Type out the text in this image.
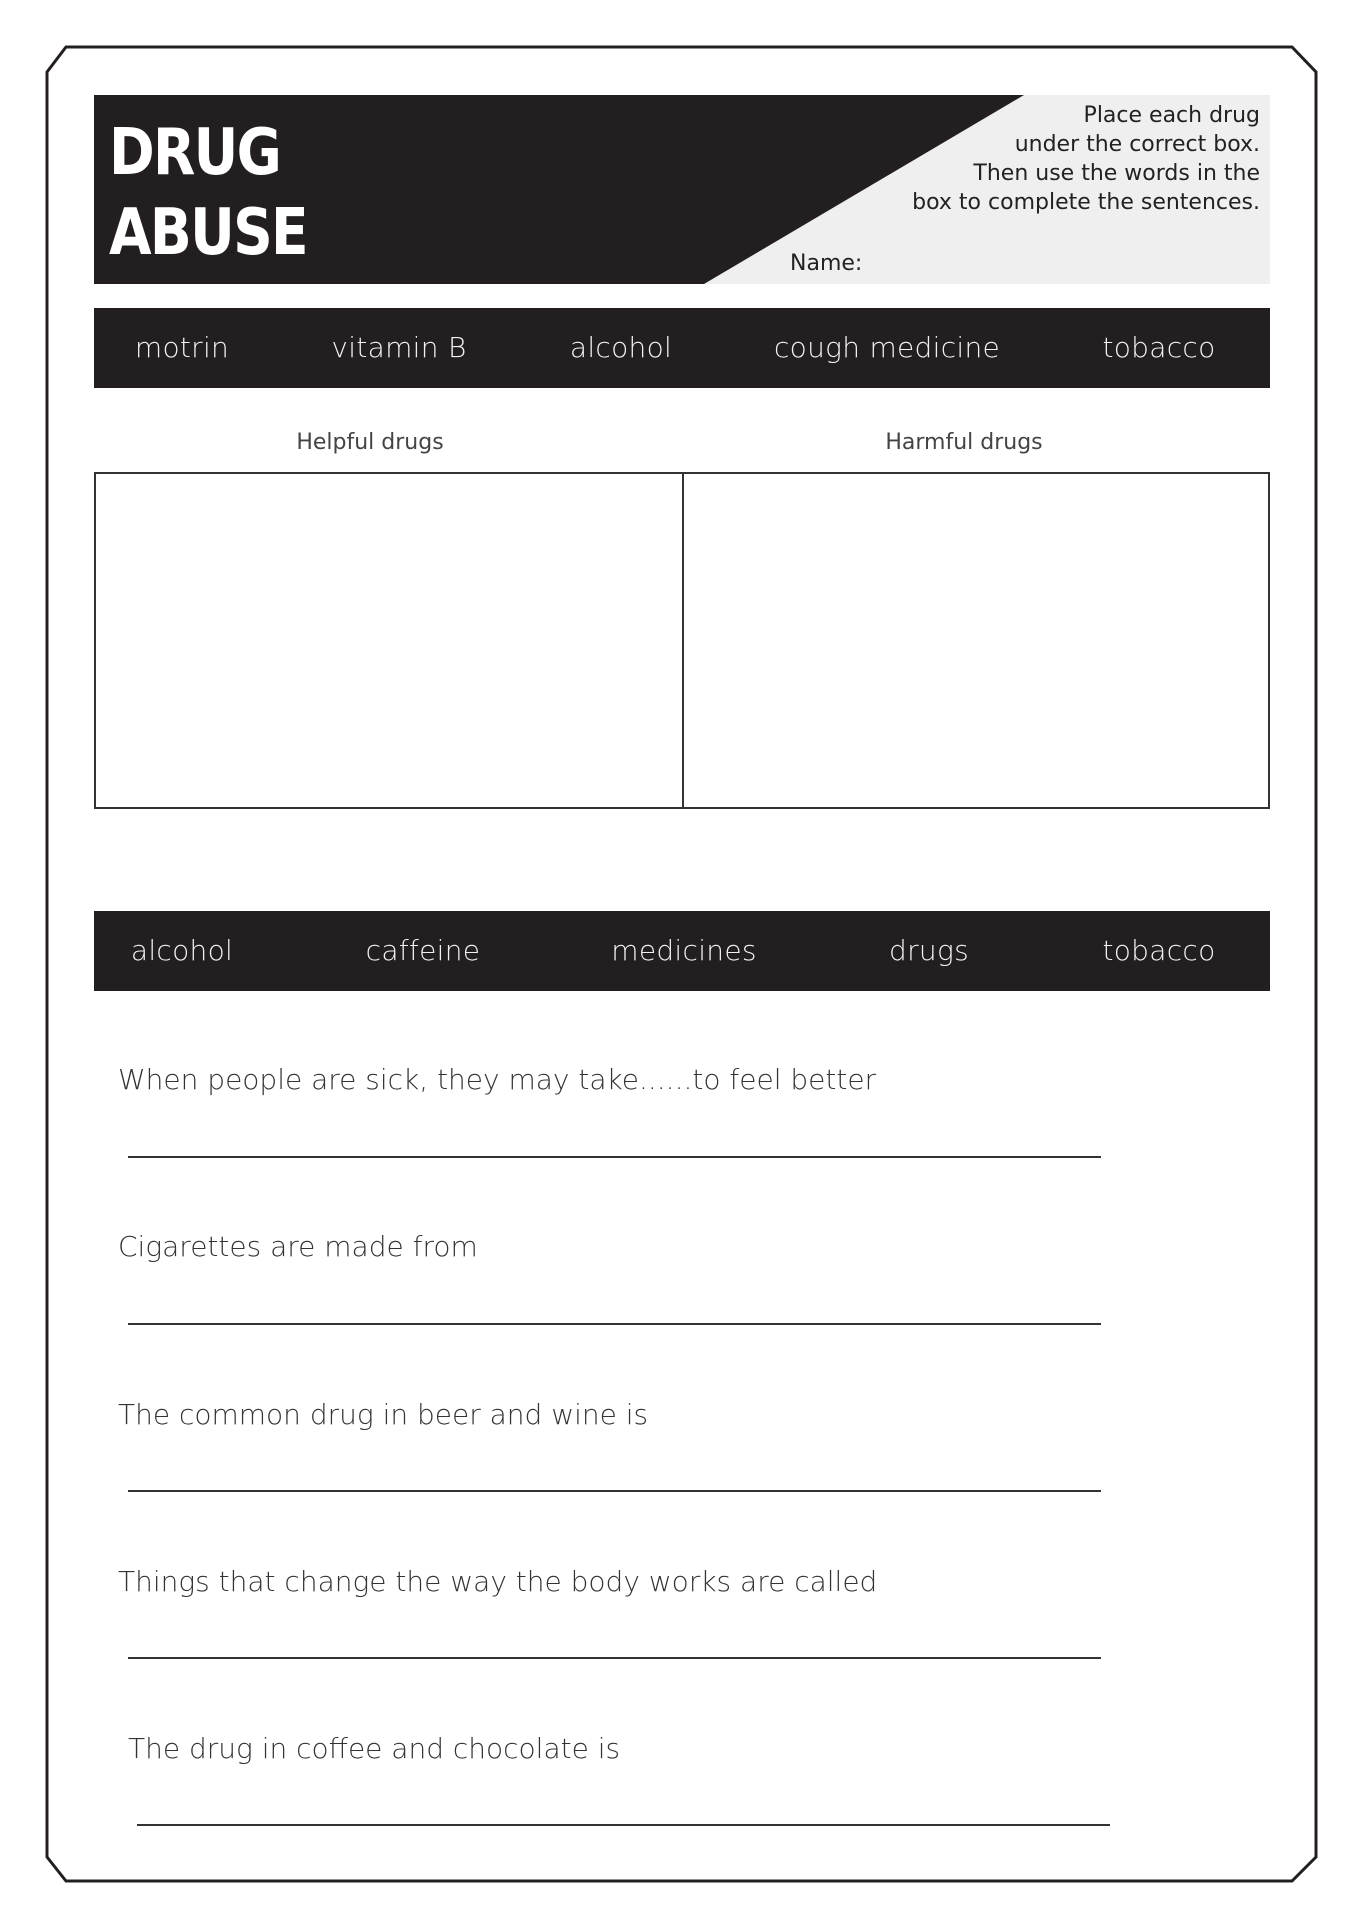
DRUG
ABUSE
Place each drug
under the correct box.
Then use the words in the
box to complete the sentences.
Name:
motrin	vitamin B	alcohol	cough medicine	tobacco
Helpful drugs	Harmful drugs
alcohol	caffeine	medicines	drugs	tobacco
When people are sick, they may take......to feel better
Cigarettes are made from
The common drug in beer and wine is
Things that change the way the body works are called
The drug in coffee and chocolate is
